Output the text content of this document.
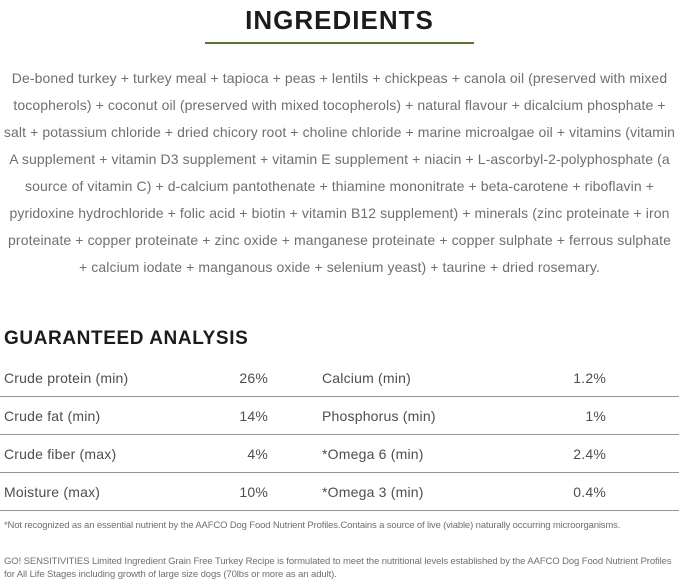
INGREDIENTS

De-boned turkey + turkey meal + tapioca + peas + lentils + chickpeas + canola oil (preserved with mixed tocopherols) + coconut oil (preserved with mixed tocopherols) + natural flavour + dicalcium phosphate + salt + potassium chloride + dried chicory root + choline chloride + marine microalgae oil + vitamins (vitamin A supplement + vitamin D3 supplement + vitamin E supplement + niacin + L-ascorbyl-2-polyphosphate (a source of vitamin C) + d-calcium pantothenate + thiamine mononitrate + beta-carotene + riboflavin + pyridoxine hydrochloride + folic acid + biotin + vitamin B12 supplement) + minerals (zinc proteinate + iron proteinate + copper proteinate + zinc oxide + manganese proteinate + copper sulphate + ferrous sulphate + calcium iodate + manganous oxide + selenium yeast) + taurine + dried rosemary.

GUARANTEED ANALYSIS
Crude protein (min)	26%	Calcium (min)	1.2%
Crude fat (min)	14%	Phosphorus (min)	1%
Crude fiber (max)	4%	*Omega 6 (min)	2.4%
Moisture (max)	10%	*Omega 3 (min)	0.4%

*Not recognized as an essential nutrient by the AAFCO Dog Food Nutrient Profiles.Contains a source of live (viable) naturally occurring microorganisms.

GO! SENSITIVITIES Limited Ingredient Grain Free Turkey Recipe is formulated to meet the nutritional levels established by the AAFCO Dog Food Nutrient Profiles for All Life Stages including growth of large size dogs (70lbs or more as an adult).
